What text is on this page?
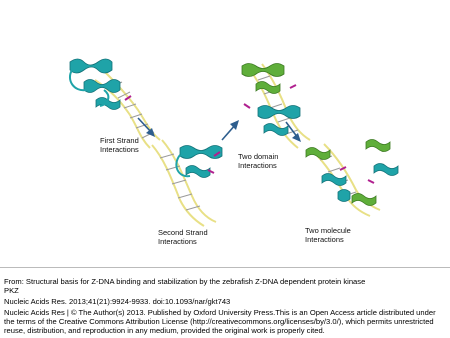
First Strand
Interactions
Second Strand
Interactions
Two domain
Interactions
Two molecule
Interactions
From: Structural basis for Z-DNA binding and stabilization by the zebrafish Z-DNA dependent protein kinase
PKZ
Nucleic Acids Res. 2013;41(21):9924-9933. doi:10.1093/nar/gkt743
Nucleic Acids Res | © The Author(s) 2013. Published by Oxford University Press.This is an Open Access article distributed under
the terms of the Creative Commons Attribution License (http://creativecommons.org/licenses/by/3.0/), which permits unrestricted
reuse, distribution, and reproduction in any medium, provided the original work is properly cited.
